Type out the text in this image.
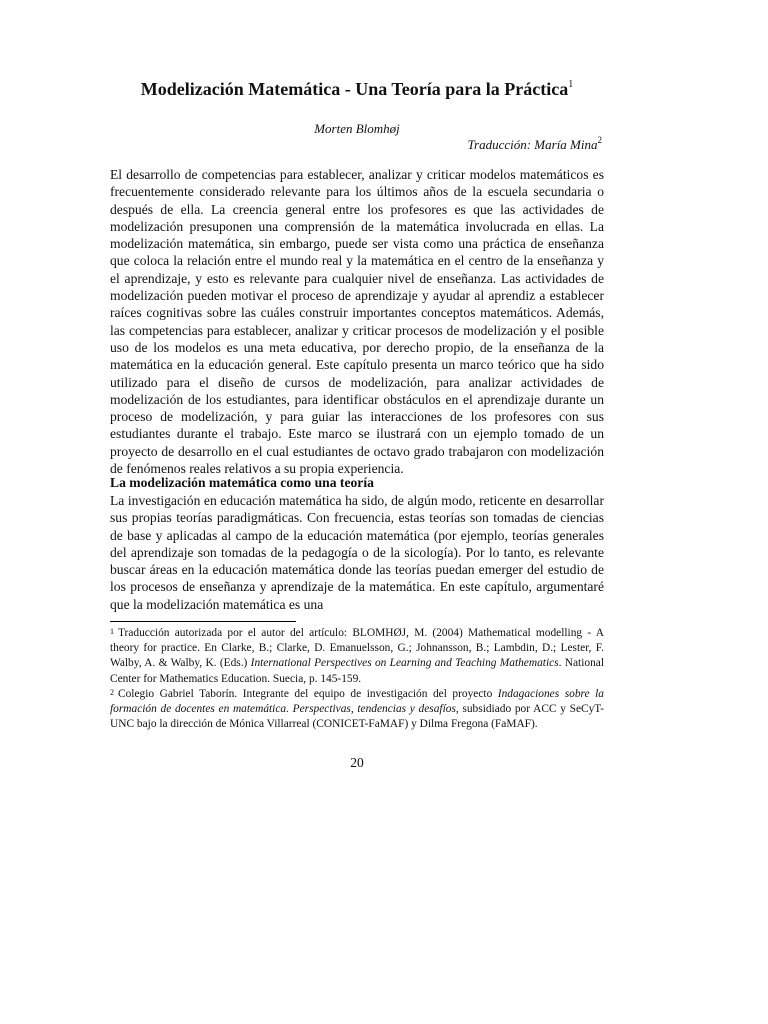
Modelización Matemática - Una Teoría para la Práctica$^1$
Morten Blomhøj
Traducción: María Mina$^2$

El desarrollo de competencias para establecer, analizar y criticar modelos matemáticos es frecuentemente considerado relevante para los últimos años de la escuela secundaria o después de ella. La creencia general entre los profesores es que las actividades de modelización presuponen una comprensión de la matemática involucrada en ellas. La modelización matemática, sin embargo, puede ser vista como una práctica de enseñanza que coloca la relación entre el mundo real y la matemática en el centro de la enseñanza y el aprendizaje, y esto es relevante para cualquier nivel de enseñanza. Las actividades de modelización pueden motivar el proceso de aprendizaje y ayudar al aprendiz a establecer raíces cognitivas sobre las cuáles construir importantes conceptos matemáticos. Además, las competencias para establecer, analizar y criticar procesos de modelización y el posible uso de los modelos es una meta educativa, por derecho propio, de la enseñanza de la matemática en la educación general. Este capítulo presenta un marco teórico que ha sido utilizado para el diseño de cursos de modelización, para analizar actividades de modelización de los estudiantes, para identificar obstáculos en el aprendizaje durante un proceso de modelización, y para guiar las interacciones de los profesores con sus estudiantes durante el trabajo. Este marco se ilustrará con un ejemplo tomado de un proyecto de desarrollo en el cual estudiantes de octavo grado trabajaron con modelización de fenómenos reales relativos a su propia experiencia.

La modelización matemática como una teoría

La investigación en educación matemática ha sido, de algún modo, reticente en desarrollar sus propias teorías paradigmáticas. Con frecuencia, estas teorías son tomadas de ciencias de base y aplicadas al campo de la educación matemática (por ejemplo, teorías generales del aprendizaje son tomadas de la pedagogía o de la sicología). Por lo tanto, es relevante buscar áreas en la educación matemática donde las teorías puedan emerger del estudio de los procesos de enseñanza y aprendizaje de la matemática. En este capítulo, argumentaré que la modelización matemática es una

$^1$ Traducción autorizada por el autor del artículo: BLOMHØJ, M. (2004) Mathematical modelling - A theory for practice. En Clarke, B.; Clarke, D. Emanuelsson, G.; Johnansson, B.; Lambdin, D.; Lester, F. Walby, A. & Walby, K. (Eds.) International Perspectives on Learning and Teaching Mathematics. National Center for Mathematics Education. Suecia, p. 145-159.

$^2$ Colegio Gabriel Taborín. Integrante del equipo de investigación del proyecto Indagaciones sobre la formación de docentes en matemática. Perspectivas, tendencias y desafíos, subsidiado por ACC y SeCyT-UNC bajo la dirección de Mónica Villarreal (CONICET-FaMAF) y Dilma Fregona (FaMAF).

20
